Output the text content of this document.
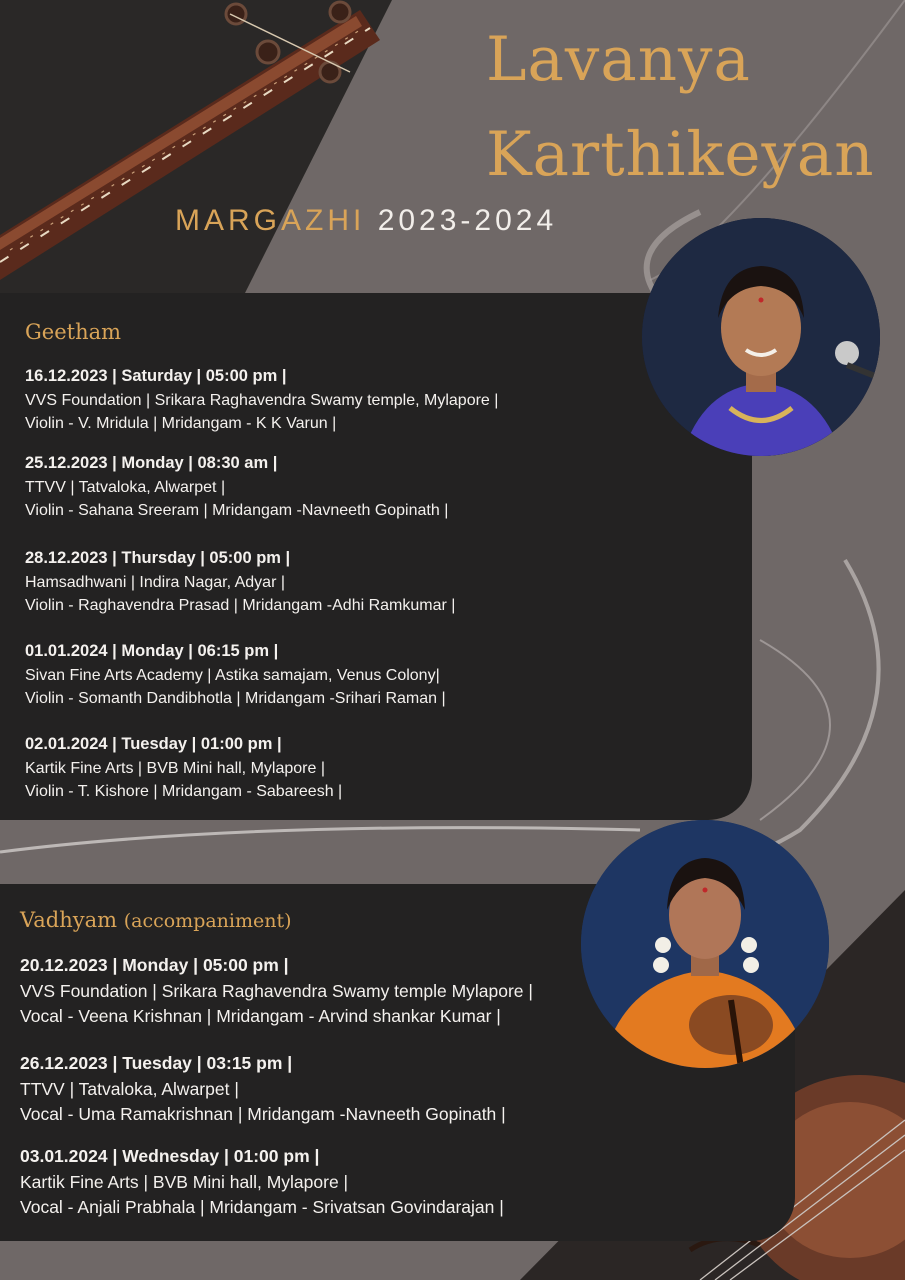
Lavanya
Karthikeyan
MARGAZHI 2023-2024
Geetham
16.12.2023 | Saturday | 05:00 pm |
VVS Foundation | Srikara Raghavendra Swamy temple, Mylapore |
Violin - V. Mridula | Mridangam - K K Varun |
25.12.2023 | Monday | 08:30 am |
TTVV | Tatvaloka, Alwarpet |
Violin - Sahana Sreeram | Mridangam -Navneeth Gopinath |
28.12.2023 | Thursday | 05:00 pm |
Hamsadhwani | Indira Nagar, Adyar |
Violin - Raghavendra Prasad | Mridangam -Adhi Ramkumar |
01.01.2024 | Monday | 06:15 pm |
Sivan Fine Arts Academy | Astika samajam, Venus Colony|
Violin - Somanth Dandibhotla | Mridangam -Srihari Raman |
02.01.2024 | Tuesday | 01:00 pm |
Kartik Fine Arts | BVB Mini hall, Mylapore |
Violin - T. Kishore | Mridangam - Sabareesh |
Vadhyam (accompaniment)
20.12.2023 | Monday | 05:00 pm |
VVS Foundation | Srikara Raghavendra Swamy temple Mylapore |
Vocal - Veena Krishnan | Mridangam - Arvind shankar Kumar |
26.12.2023 | Tuesday | 03:15 pm |
TTVV | Tatvaloka, Alwarpet |
Vocal - Uma Ramakrishnan | Mridangam -Navneeth Gopinath |
03.01.2024 | Wednesday | 01:00 pm |
Kartik Fine Arts | BVB Mini hall, Mylapore |
Vocal - Anjali Prabhala | Mridangam - Srivatsan Govindarajan |
